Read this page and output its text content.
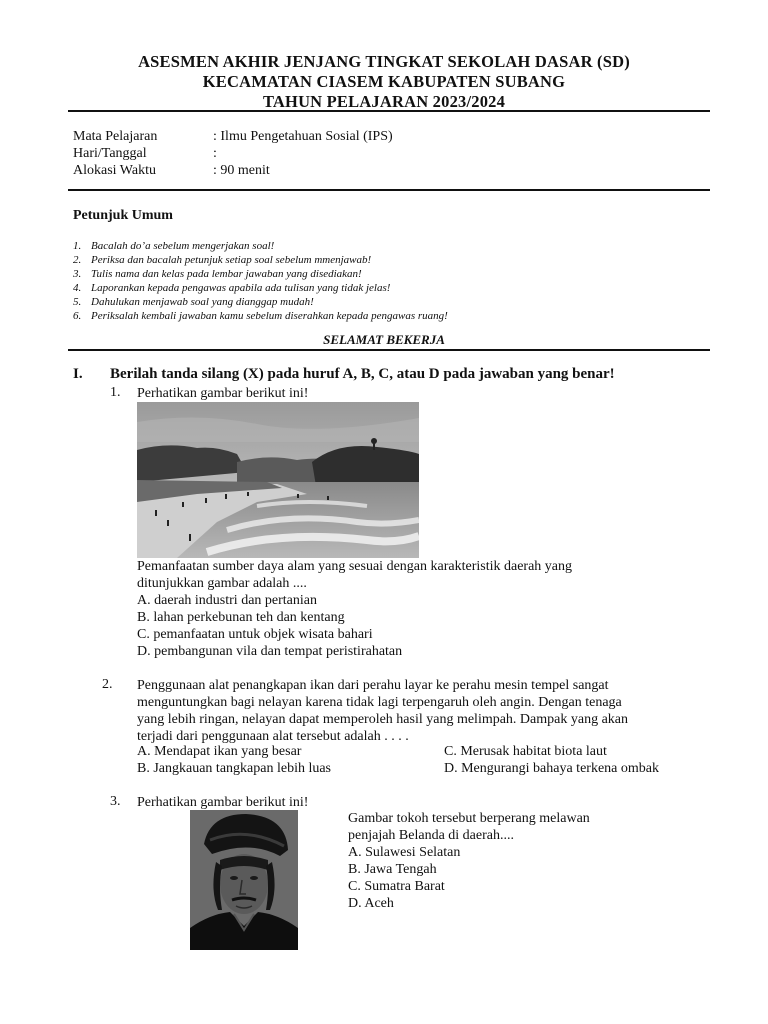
ASESMEN AKHIR JENJANG TINGKAT SEKOLAH DASAR (SD)
KECAMATAN CIASEM KABUPATEN SUBANG
TAHUN PELAJARAN 2023/2024
Mata Pelajaran	: Ilmu Pengetahuan Sosial (IPS)
Hari/Tanggal	:
Alokasi Waktu	: 90 menit
Petunjuk Umum
1. Bacalah do’a sebelum mengerjakan soal!
2. Periksa dan bacalah petunjuk setiap soal sebelum mmenjawab!
3. Tulis nama dan kelas pada lembar jawaban yang disediakan!
4. Laporankan kepada pengawas apabila ada tulisan yang tidak jelas!
5. Dahulukan menjawab soal yang dianggap mudah!
6. Periksalah kembali jawaban kamu sebelum diserahkan kepada pengawas ruang!
SELAMAT BEKERJA
I. Berilah tanda silang (X) pada huruf A, B, C, atau D pada jawaban yang benar!
1. Perhatikan gambar berikut ini!
Pemanfaatan sumber daya alam yang sesuai dengan karakteristik daerah yang
ditunjukkan gambar adalah ....
A. daerah industri dan pertanian
B. lahan perkebunan teh dan kentang
C. pemanfaatan untuk objek wisata bahari
D. pembangunan vila dan tempat peristirahatan
2. Penggunaan alat penangkapan ikan dari perahu layar ke perahu mesin tempel sangat
menguntungkan bagi nelayan karena tidak lagi terpengaruh oleh angin. Dengan tenaga
yang lebih ringan, nelayan dapat memperoleh hasil yang melimpah. Dampak yang akan
terjadi dari penggunaan alat tersebut adalah . . . .
A. Mendapat ikan yang besar
B. Jangkauan tangkapan lebih luas
C. Merusak habitat biota laut
D. Mengurangi bahaya terkena ombak
3. Perhatikan gambar berikut ini!
Gambar tokoh tersebut berperang melawan
penjajah Belanda di daerah....
A. Sulawesi Selatan
B. Jawa Tengah
C. Sumatra Barat
D. Aceh
